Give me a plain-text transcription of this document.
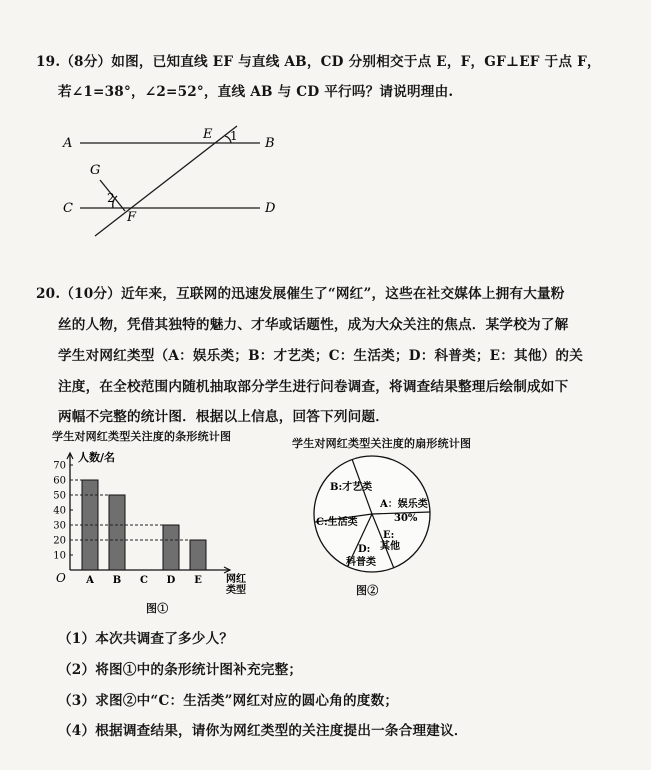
19.（8分）如图，已知直线 EF 与直线 AB，CD 分别相交于点 E，F，GF⊥EF 于点 F，
若∠1=38°，∠2=52°，直线 AB 与 CD 平行吗？请说明理由.
A	B
C	D
E
F
G
1
2
20.（10分）近年来，互联网的迅速发展催生了“网红”，这些在社交媒体上拥有大量粉
丝的人物，凭借其独特的魅力、才华或话题性，成为大众关注的焦点．某学校为了解
学生对网红类型（A：娱乐类；B：才艺类；C：生活类；D：科普类；E：其他）的关
注度，在全校范围内随机抽取部分学生进行问卷调查，将调查结果整理后绘制成如下
两幅不完整的统计图．根据以上信息，回答下列问题．
学生对网红类型关注度的条形统计图
人数/名
O
10
20
30
40
50
60
70
A B C D E 网红
类型
图①
学生对网红类型关注度的扇形统计图
B:才艺类
A：娱乐类
30%
C:生活类
E:
其他
D:
科普类
图②
（1）本次共调查了多少人？
（2）将图①中的条形统计图补充完整；
（3）求图②中“C：生活类”网红对应的圆心角的度数；
（4）根据调查结果，请你为网红类型的关注度提出一条合理建议．
